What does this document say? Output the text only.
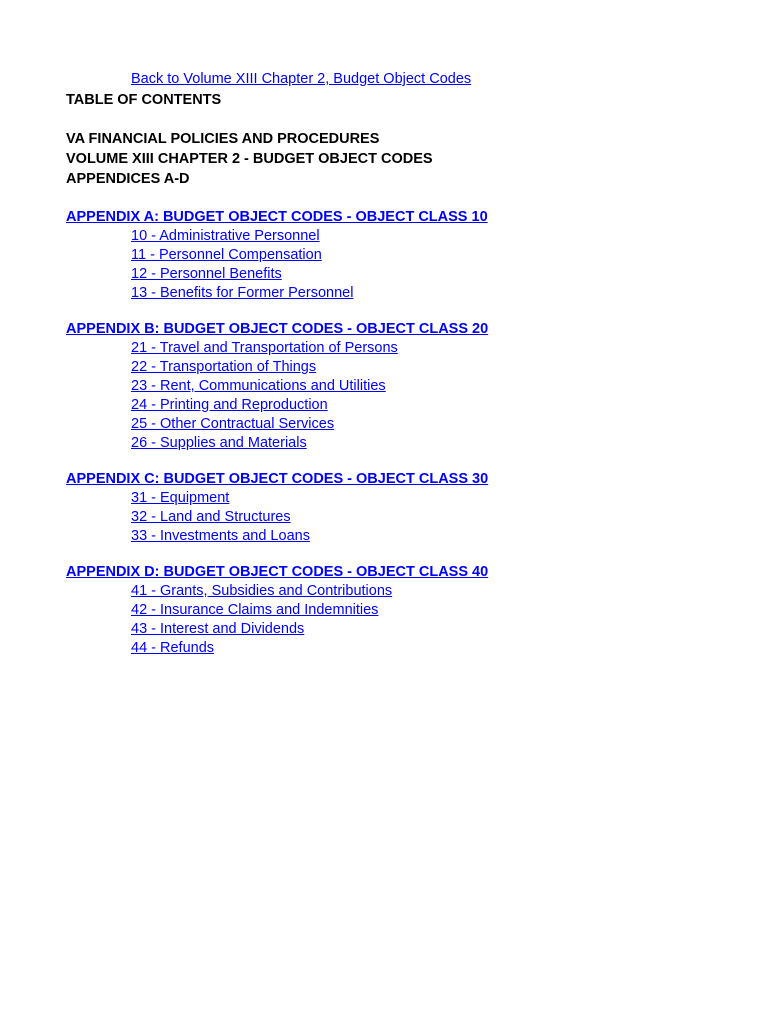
Back to Volume XIII Chapter 2, Budget Object Codes
TABLE OF CONTENTS
VA FINANCIAL POLICIES AND PROCEDURES
VOLUME XIII CHAPTER 2 - BUDGET OBJECT CODES
APPENDICES A-D
APPENDIX A: BUDGET OBJECT CODES - OBJECT CLASS 10
10 - Administrative Personnel
11 - Personnel Compensation
12 - Personnel Benefits
13 - Benefits for Former Personnel
APPENDIX B: BUDGET OBJECT CODES - OBJECT CLASS 20
21 - Travel and Transportation of Persons
22 - Transportation of Things
23 - Rent, Communications and Utilities
24 - Printing and Reproduction
25 - Other Contractual Services
26 - Supplies and Materials
APPENDIX C: BUDGET OBJECT CODES - OBJECT CLASS 30
31 - Equipment
32 - Land and Structures
33 - Investments and Loans
APPENDIX D: BUDGET OBJECT CODES - OBJECT CLASS 40
41 - Grants, Subsidies and Contributions
42 - Insurance Claims and Indemnities
43 - Interest and Dividends
44 - Refunds
